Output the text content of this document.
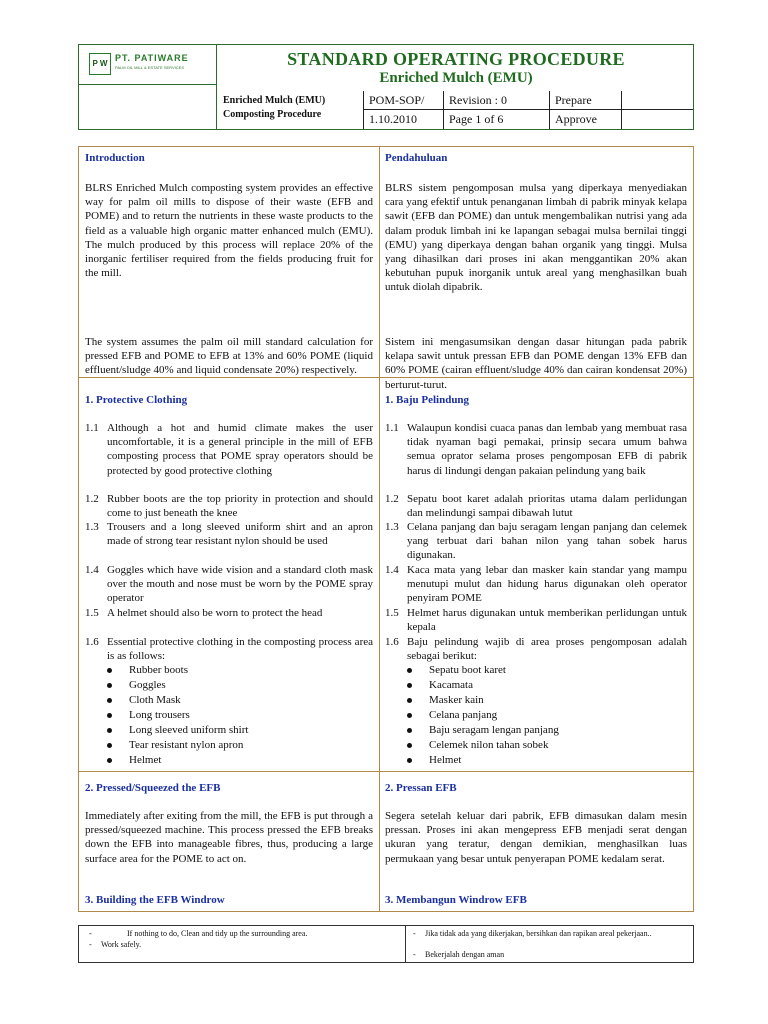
P W
PT. PATIWARE
PALM OIL MILL & ESTATE SERVICES	STANDARD OPERATING PROCEDURE
Enriched Mulch (EMU)
Enriched Mulch (EMU)
Composting Procedure
POM-SOP/ Revision : 0	Prepare
1.10.2010	Page 1 of 6	Approve
Introduction
BLRS Enriched Mulch composting system provides an effective way for palm oil mills to dispose of their waste (EFB and POME) and to return the nutrients in these waste products to the field as a valuable high organic matter enhanced mulch (EMU). The mulch produced by this process will replace 20% of the inorganic fertiliser required from the fields producing fruit for the mill.
The system assumes the palm oil mill standard calculation for pressed EFB and POME to EFB at 13% and 60% POME (liquid effluent/sludge 40% and liquid condensate 20%) respectively.
1. Protective Clothing
1.1 Although a hot and humid climate makes the user uncomfortable, it is a general principle in the mill of EFB composting process that POME spray operators should be protected by good protective clothing
1.2 Rubber boots are the top priority in protection and should come to just beneath the knee
1.3 Trousers and a long sleeved uniform shirt and an apron made of strong tear resistant nylon should be used
1.4 Goggles which have wide vision and a standard cloth mask over the mouth and nose must be worn by the POME spray operator
1.5 A helmet should also be worn to protect the head
1.6 Essential protective clothing in the composting process area is as follows:
Rubber boots
Goggles
Cloth Mask
Long trousers
Long sleeved uniform shirt
Tear resistant nylon apron
Helmet
2. Pressed/Squeezed the EFB
Immediately after exiting from the mill, the EFB is put through a pressed/squeezed machine. This process pressed the EFB breaks down the EFB into manageable fibres, thus, producing a large surface area for the POME to act on.
3. Building the EFB Windrow
Pendahuluan
BLRS sistem pengomposan mulsa yang diperkaya menyediakan cara yang efektif untuk penanganan limbah di pabrik minyak kelapa sawit (EFB dan POME) dan untuk mengembalikan nutrisi yang ada dalam produk limbah ini ke lapangan sebagai mulsa bernilai tinggi (EMU) yang diperkaya dengan bahan organik yang tinggi. Mulsa yang dihasilkan dari proses ini akan menggantikan 20% akan kebutuhan pupuk inorganik untuk areal yang menghasilkan buah untuk diolah dipabrik.
Sistem ini mengasumsikan dengan dasar hitungan pada pabrik kelapa sawit untuk pressan EFB dan POME dengan 13% EFB dan 60% POME (cairan effluent/sludge 40% dan cairan kondensat 20%) berturut-turut.
1. Baju Pelindung
1.1 Walaupun kondisi cuaca panas dan lembab yang membuat rasa tidak nyaman bagi pemakai, prinsip secara umum bahwa semua oprator selama proses pengomposan EFB di pabrik harus di lindungi dengan pakaian pelindung yang baik
1.2 Sepatu boot karet adalah prioritas utama dalam perlidungan dan melindungi sampai dibawah lutut
1.3 Celana panjang dan baju seragam lengan panjang dan celemek yang terbuat dari bahan nilon yang tahan sobek harus digunakan.
1.4 Kaca mata yang lebar dan masker kain standar yang mampu menutupi mulut dan hidung harus digunakan oleh operator penyiram POME
1.5 Helmet harus digunakan untuk memberikan perlidungan untuk kepala
1.6 Baju pelindung wajib di area proses pengomposan adalah sebagai berikut:
Sepatu boot karet
Kacamata
Masker kain
Celana panjang
Baju seragam lengan panjang
Celemek nilon tahan sobek
Helmet
2. Pressan EFB
Segera setelah keluar dari pabrik, EFB dimasukan dalam mesin pressan. Proses ini akan mengepress EFB menjadi serat dengan ukuran yang teratur, dengan demikian, menghasilkan luas permukaan yang besar untuk penyerapan POME kedalam serat.
3. Membangun Windrow EFB
-	If nothing to do, Clean and tidy up the surrounding area.
- Work safely.
- Jika tidak ada yang dikerjakan, bersihkan dan rapikan areal pekerjaan..
- Bekerjalah dengan aman
